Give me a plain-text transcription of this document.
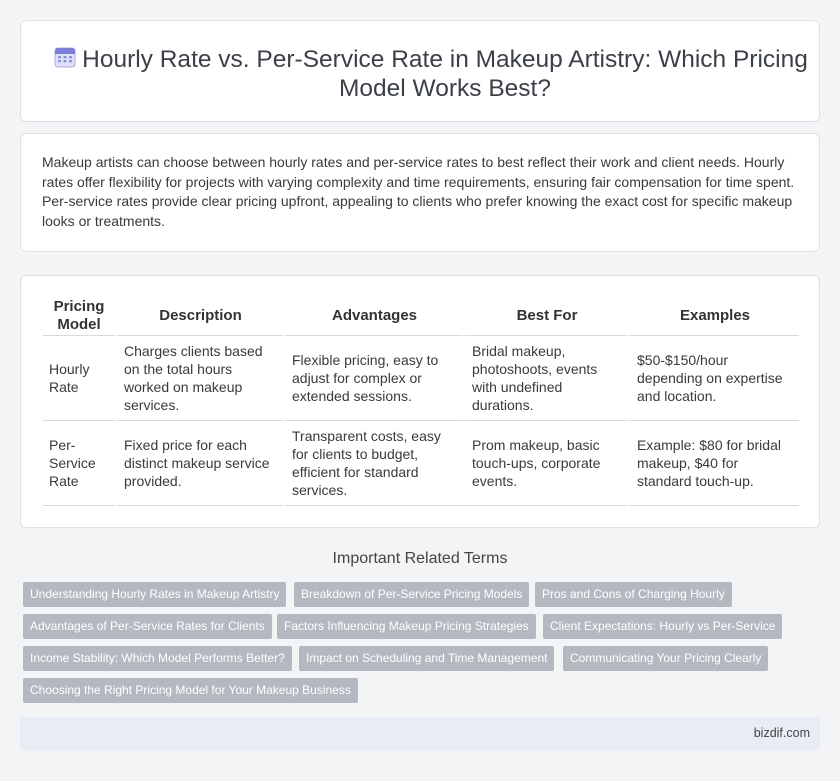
Hourly Rate vs. Per-Service Rate in Makeup Artistry: Which Pricing Model Works Best?

Makeup artists can choose between hourly rates and per-service rates to best reflect their work and client needs. Hourly rates offer flexibility for projects with varying complexity and time requirements, ensuring fair compensation for time spent. Per-service rates provide clear pricing upfront, appealing to clients who prefer knowing the exact cost for specific makeup looks or treatments.

Pricing Model	Description	Advantages	Best For	Examples
Hourly Rate	Charges clients based on the total hours worked on makeup services.	Flexible pricing, easy to adjust for complex or extended sessions.	Bridal makeup, photoshoots, events with undefined durations.	$50-$150/hour depending on expertise and location.
Per-Service Rate	Fixed price for each distinct makeup service provided.	Transparent costs, easy for clients to budget, efficient for standard services.	Prom makeup, basic touch-ups, corporate events.	Example: $80 for bridal makeup, $40 for standard touch-up.
Important Related Terms
Understanding Hourly Rates in Makeup Artistry	Breakdown of Per-Service Pricing Models	Pros and Cons of Charging Hourly
Advantages of Per-Service Rates for Clients	Factors Influencing Makeup Pricing Strategies	Client Expectations: Hourly vs Per-Service
Income Stability: Which Model Performs Better?	Impact on Scheduling and Time Management	Communicating Your Pricing Clearly
Choosing the Right Pricing Model for Your Makeup Business
bizdif.com
